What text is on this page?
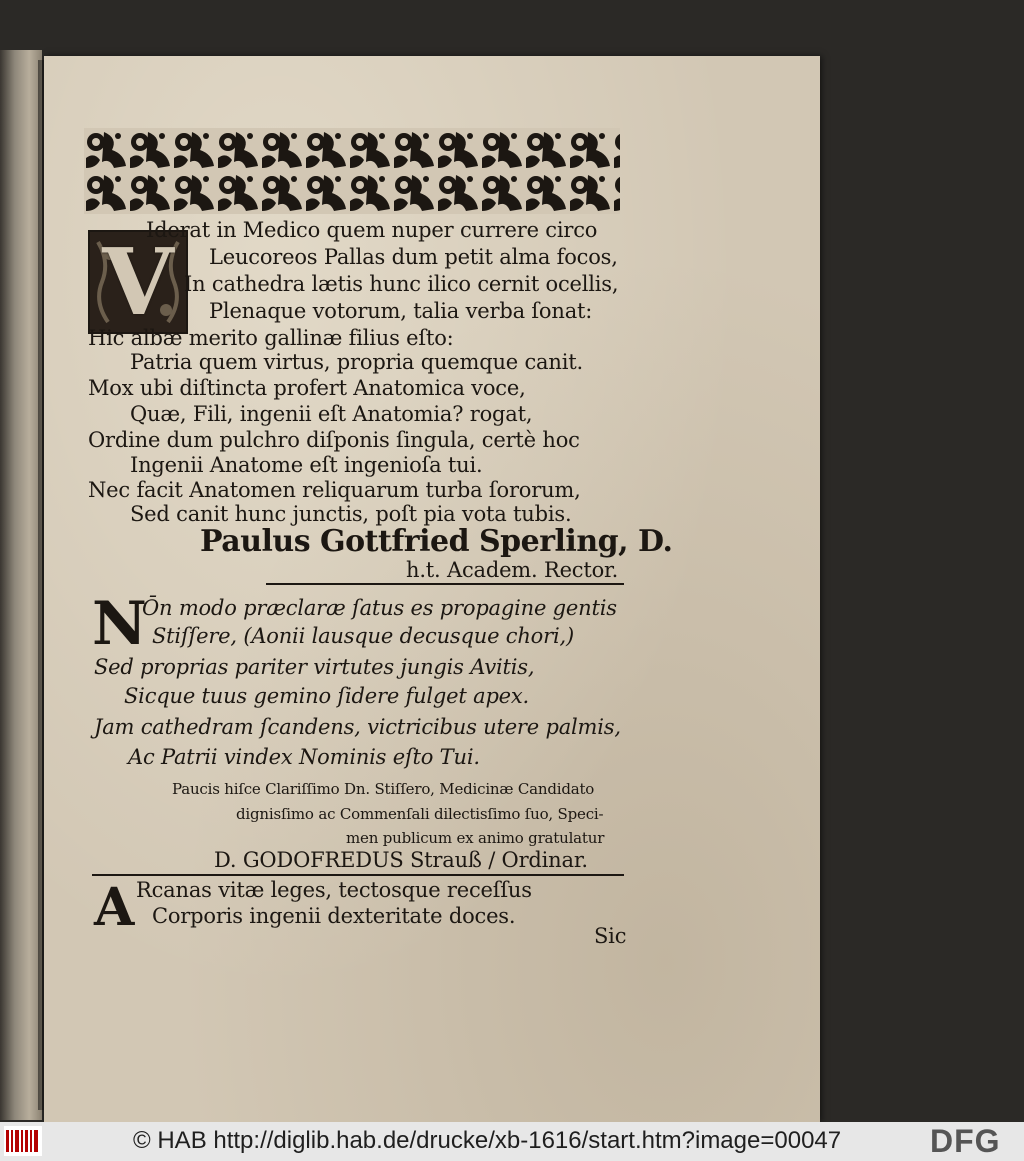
V
Iderat in Medico quem nuper currere circo
Leucoreos Pallas dum petit alma focos,
In cathedra lætis hunc ilico cernit ocellis,
Plenaque votorum, talia verba ſonat:
Hic albæ merito gallinæ filius eſto:
Patria quem virtus, propria quemque canit.
Mox ubi diſtincta profert Anatomica voce,
Quæ, Fili, ingenii eſt Anatomia? rogat,
Ordine dum pulchro diſponis ſingula, certè hoc
Ingenii Anatome eſt ingenioſa tui.
Nec facit Anatomen reliquarum turba ſororum,
Sed canit hunc junctis, poſt pia vota tubis.
Paulus Gottfried Sperling, D.
h.t. Academ. Rector.
N
Ōn modo præclaræ ſatus es propagine gentis
Stiſſere, (Aonii lausque decusque chori,)
Sed proprias pariter virtutes jungis Avitis,
Sicque tuus gemino ſidere fulget apex.
Jam cathedram ſcandens, victricibus utere palmis,
Ac Patrii vindex Nominis eſto Tui.
Paucis hiſce Clariſſimo Dn. Stiſſero, Medicinæ Candidato
dignisſimo ac Commenſali dilectisſimo ſuo, Speci-
men publicum ex animo gratulatur
D. GODOFREDUS Strauß / Ordinar.
A Rcanas vitæ leges, tectosque receſſus
Corporis ingenii dexteritate doces.
Sic
© HAB http://diglib.hab.de/drucke/xb-1616/start.htm?image=00047	DFG
